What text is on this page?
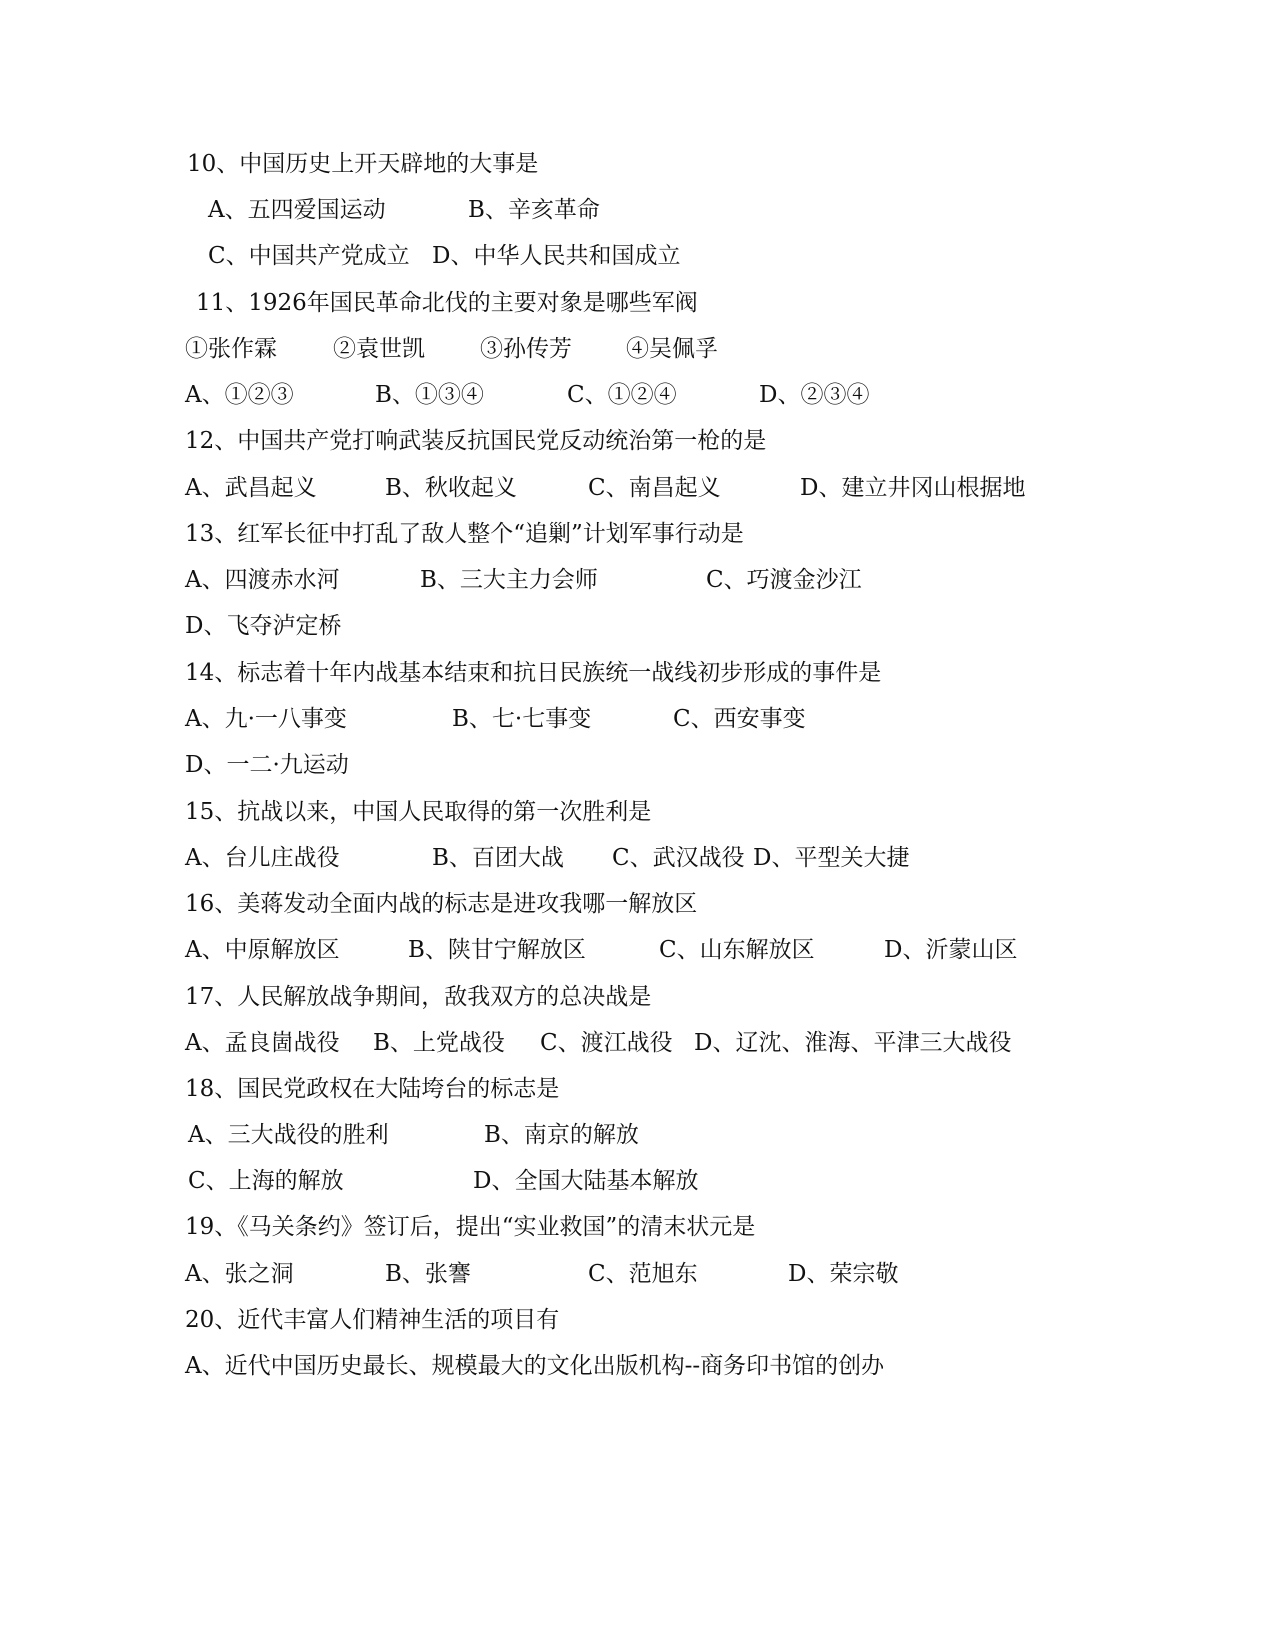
10、中国历史上开天辟地的大事是

A、五四爱国运动

	B、辛亥革命

C、中国共产党成立

D、中华人民共和国成立

11、1926年国民革命北伐的主要对象是哪些军阀

①张作霖

②袁世凯

③孙传芳

④吴佩孚

A、①②③

	B、①③④

	C、①②④

	D、②③④

12、中国共产党打响武装反抗国民党反动统治第一枪的是

A、武昌起义

	B、秋收起义

	C、南昌起义

	D、建立井冈山根据地

13、红军长征中打乱了敌人整个“追剿”计划军事行动是

A、四渡赤水河

	B、三大主力会师

	C、巧渡金沙江

D、飞夺泸定桥

14、标志着十年内战基本结束和抗日民族统一战线初步形成的事件是

A、九·一八事变

	B、七·七事变

	C、西安事变

D、一二·九运动

15、抗战以来，中国人民取得的第一次胜利是

A、台儿庄战役

	B、百团大战

C、武汉战役

D、平型关大捷

16、美蒋发动全面内战的标志是进攻我哪一解放区

A、中原解放区

	B、陕甘宁解放区

	C、山东解放区

	D、沂蒙山区

17、人民解放战争期间，敌我双方的总决战是

A、孟良崮战役

B、上党战役

C、渡江战役

D、辽沈、淮海、平津三大战役

18、国民党政权在大陆垮台的标志是

A、三大战役的胜利

	B、南京的解放

C、上海的解放

	D、全国大陆基本解放

19、《马关条约》签订后，提出“实业救国”的清末状元是

A、张之洞

	B、张謇

	C、范旭东

	D、荣宗敬

20、近代丰富人们精神生活的项目有

A、近代中国历史最长、规模最大的文化出版机构--商务印书馆的创办
